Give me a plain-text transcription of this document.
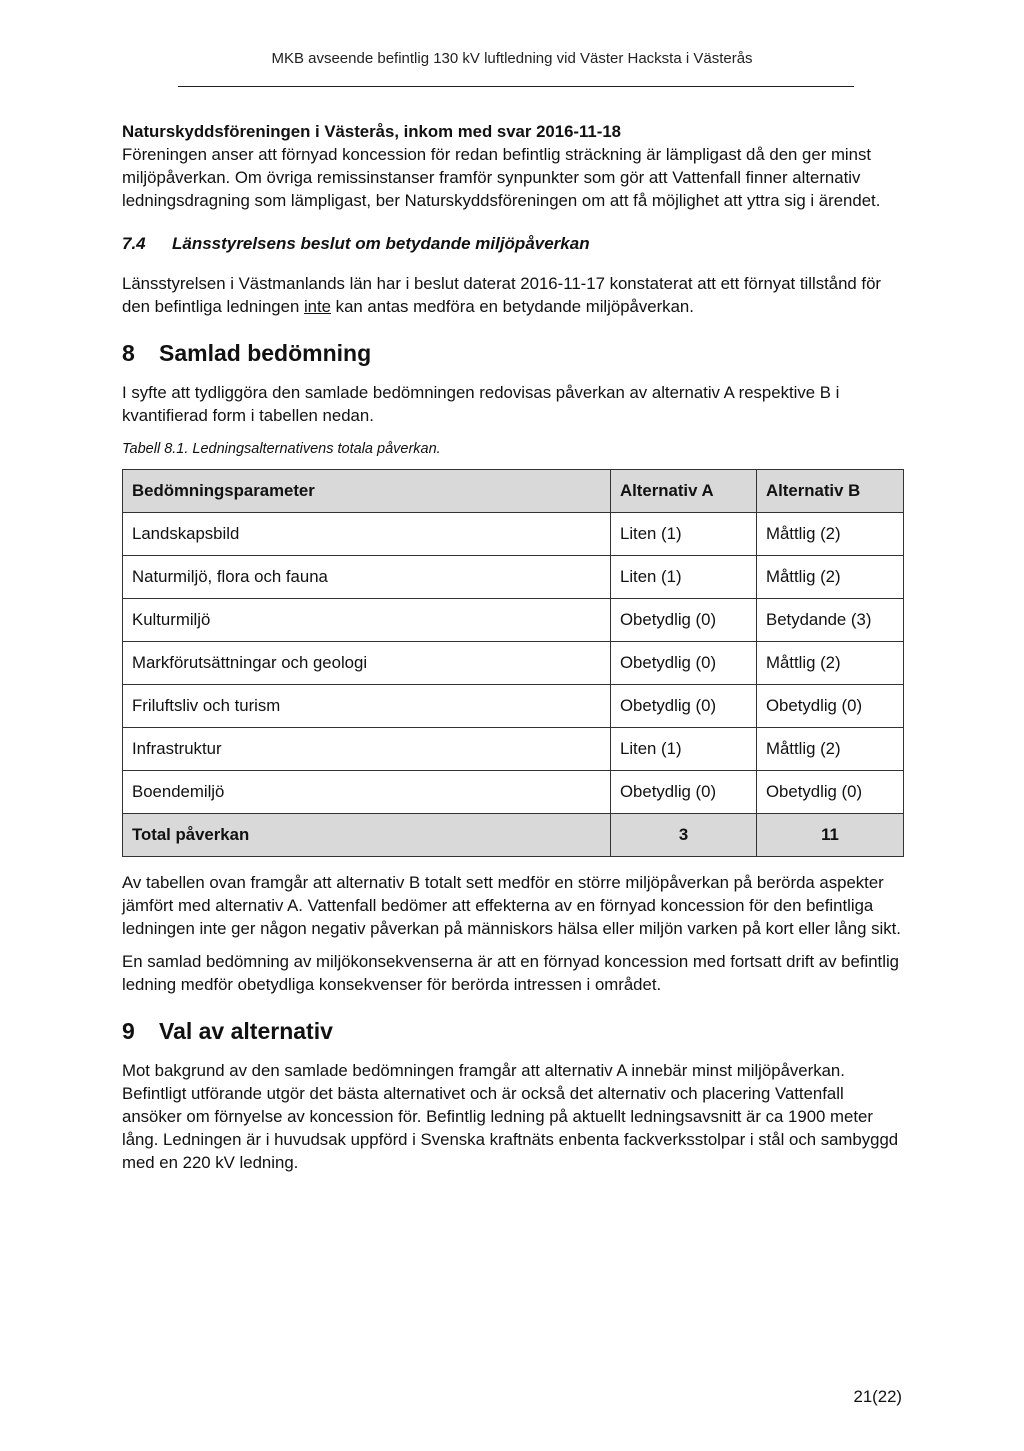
MKB avseende befintlig 130 kV luftledning vid Väster Hacksta i Västerås

Naturskyddsföreningen i Västerås, inkom med svar 2016-11-18

Föreningen anser att förnyad koncession för redan befintlig sträckning är lämpligast då den ger minst miljöpåverkan. Om övriga remissinstanser framför synpunkter som gör att Vattenfall finner alternativ ledningsdragning som lämpligast, ber Naturskyddsföreningen om att få möjlighet att yttra sig i ärendet.

7.4	Länsstyrelsens beslut om betydande miljöpåverkan

Länsstyrelsen i Västmanlands län har i beslut daterat 2016-11-17 konstaterat att ett förnyat tillstånd för den befintliga ledningen inte kan antas medföra en betydande miljöpåverkan.

8	Samlad bedömning

I syfte att tydliggöra den samlade bedömningen redovisas påverkan av alternativ A respektive B i kvantifierad form i tabellen nedan.

Tabell 8.1. Ledningsalternativens totala påverkan.

Bedömningsparameter	Alternativ A	Alternativ B
Landskapsbild	Liten (1)	Måttlig (2)
Naturmiljö, flora och fauna	Liten (1)	Måttlig (2)
Kulturmiljö	Obetydlig (0)	Betydande (3)
Markförutsättningar och geologi	Obetydlig (0)	Måttlig (2)
Friluftsliv och turism	Obetydlig (0)	Obetydlig (0)
Infrastruktur	Liten (1)	Måttlig (2)
Boendemiljö	Obetydlig (0)	Obetydlig (0)
Total påverkan	3	11

Av tabellen ovan framgår att alternativ B totalt sett medför en större miljöpåverkan på berörda aspekter jämfört med alternativ A. Vattenfall bedömer att effekterna av en förnyad koncession för den befintliga ledningen inte ger någon negativ påverkan på människors hälsa eller miljön varken på kort eller lång sikt.

En samlad bedömning av miljökonsekvenserna är att en förnyad koncession med fortsatt drift av befintlig ledning medför obetydliga konsekvenser för berörda intressen i området.

9	Val av alternativ

Mot bakgrund av den samlade bedömningen framgår att alternativ A innebär minst miljöpåverkan. Befintligt utförande utgör det bästa alternativet och är också det alternativ och placering Vattenfall ansöker om förnyelse av koncession för. Befintlig ledning på aktuellt ledningsavsnitt är ca 1900 meter lång. Ledningen är i huvudsak uppförd i Svenska kraftnäts enbenta fackverksstolpar i stål och sambyggd med en 220 kV ledning.

21(22)
